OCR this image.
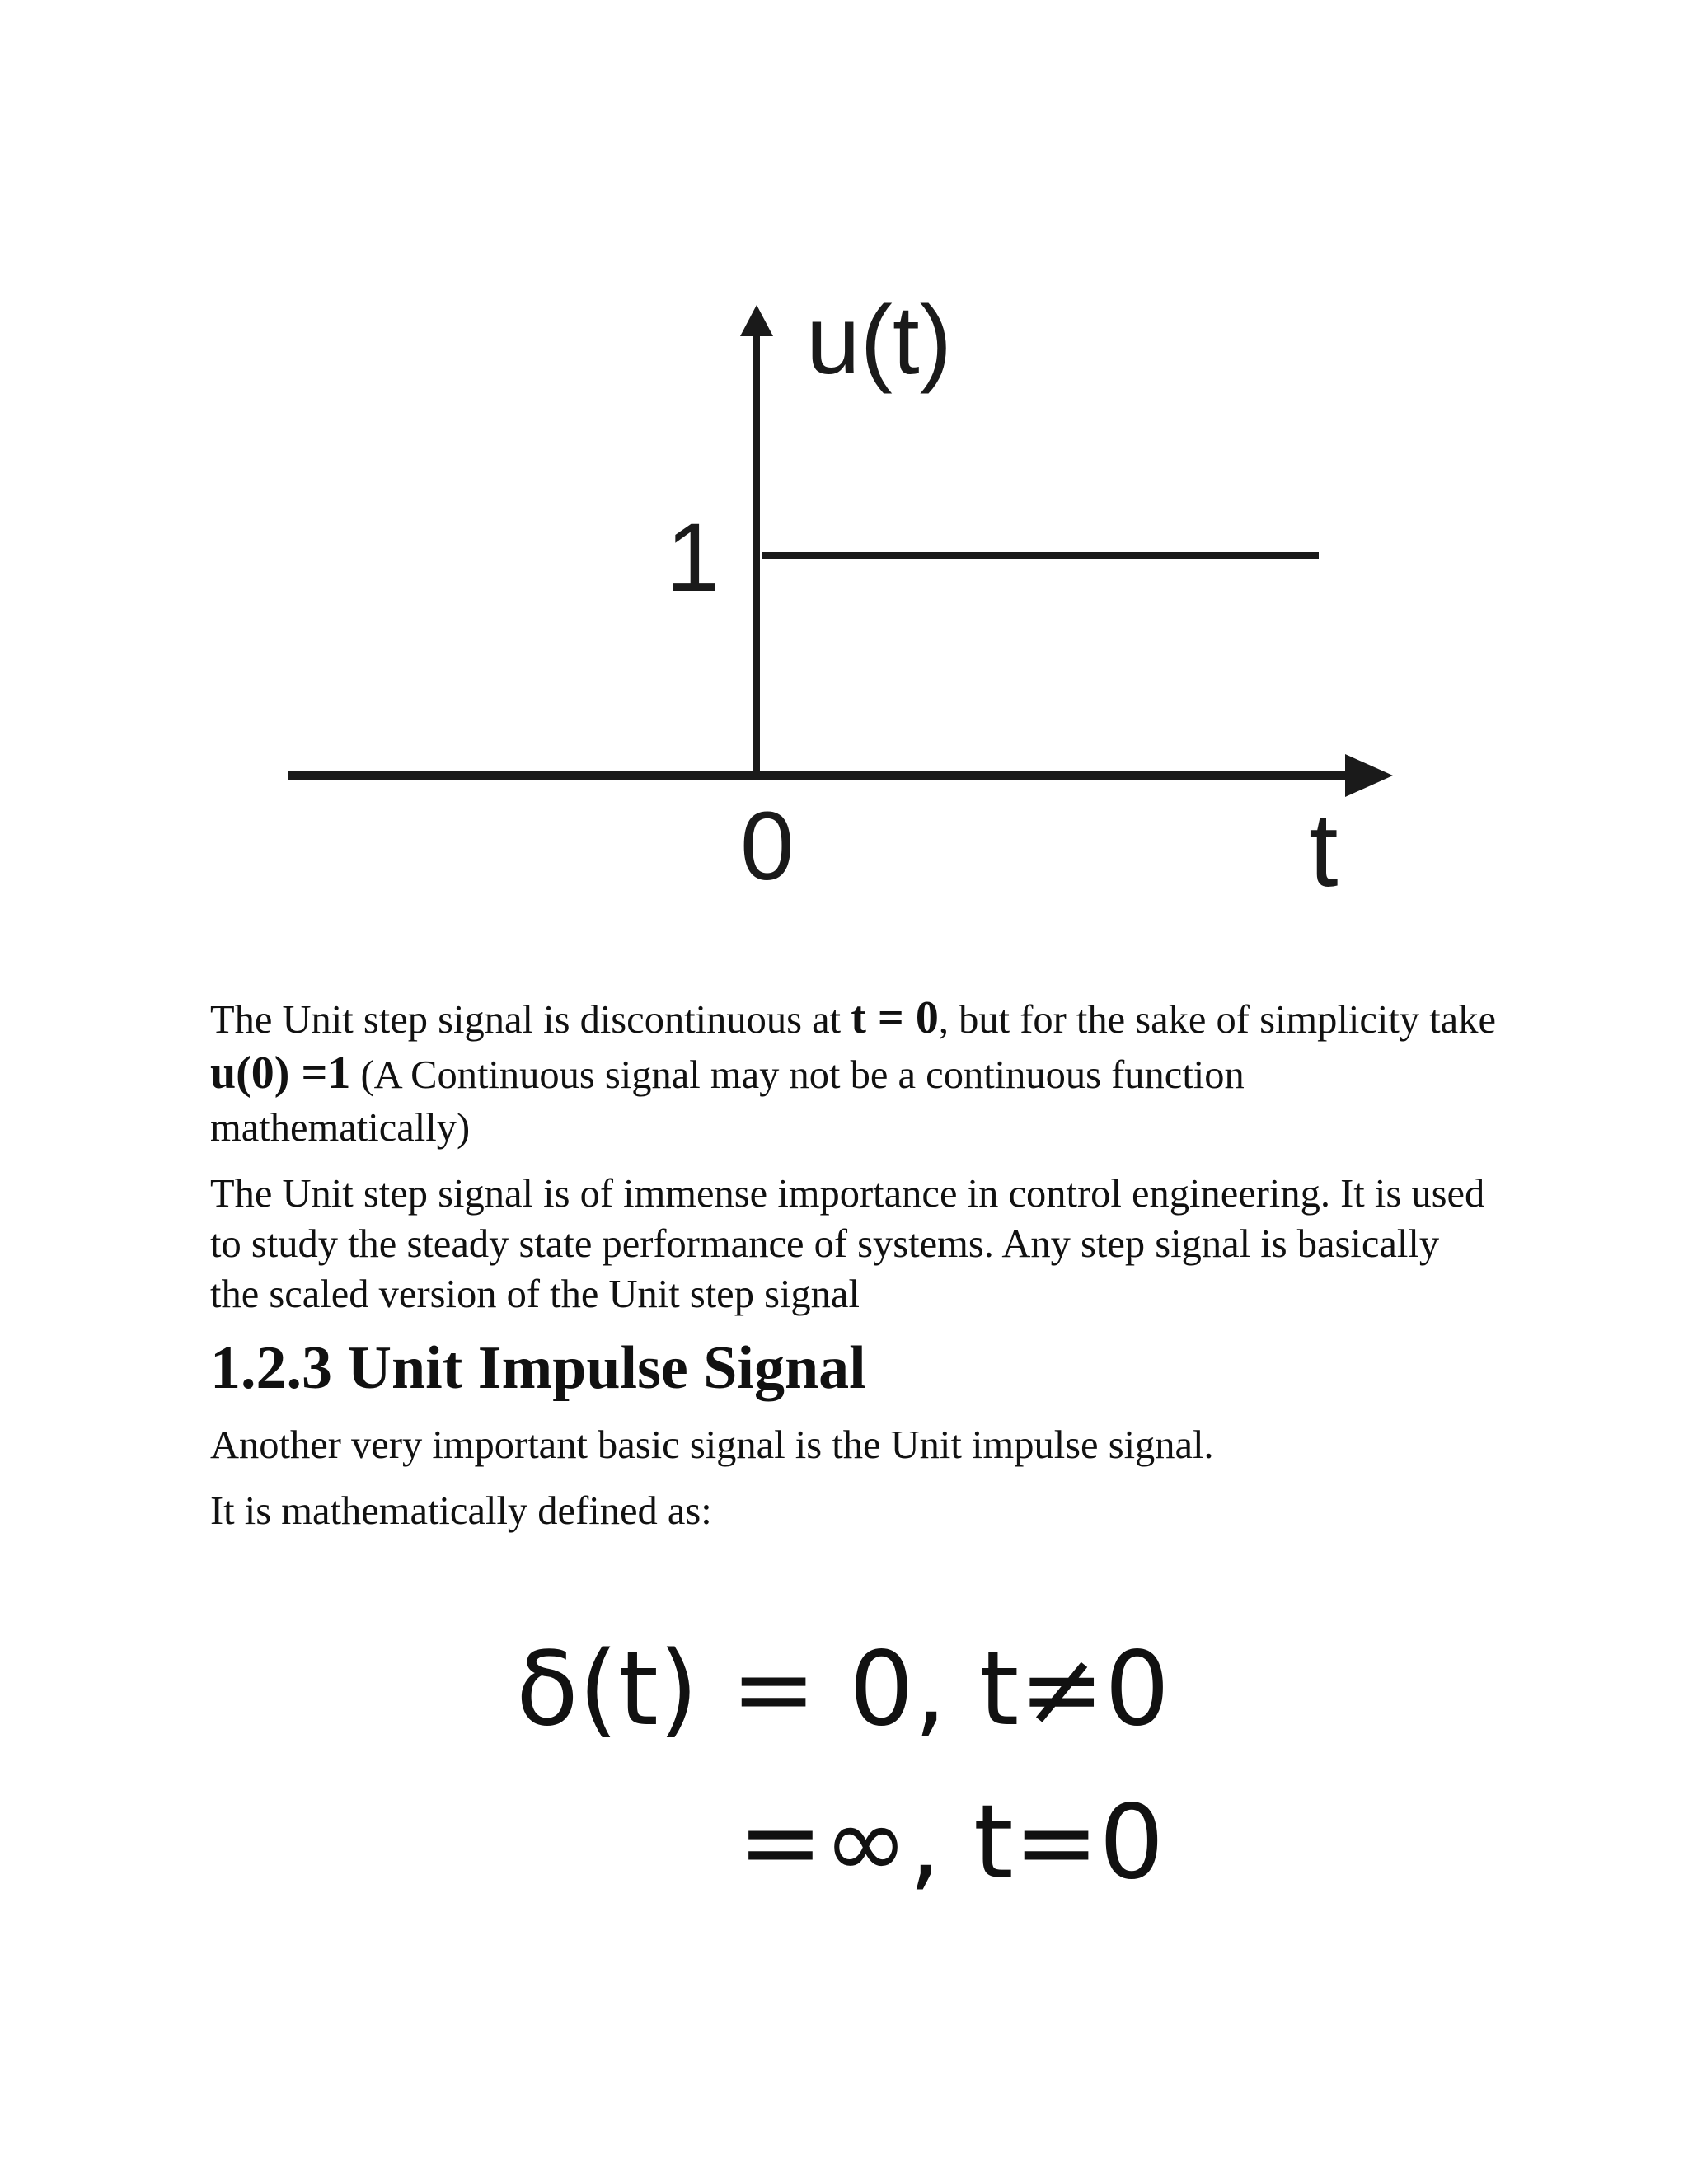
u(t)
1
0	t

The Unit step signal is discontinuous at t = 0, but for the sake of simplicity take u(0) =1 (A Continuous signal may not be a continuous function mathematically)

The Unit step signal is of immense importance in control engineering. It is used to study the steady state performance of systems. Any step signal is basically the scaled version of the Unit step signal

1.2.3 Unit Impulse Signal

Another very important basic signal is the Unit impulse signal.

It is mathematically defined as:

δ(t) = 0, t≠0
=∞, t=0
